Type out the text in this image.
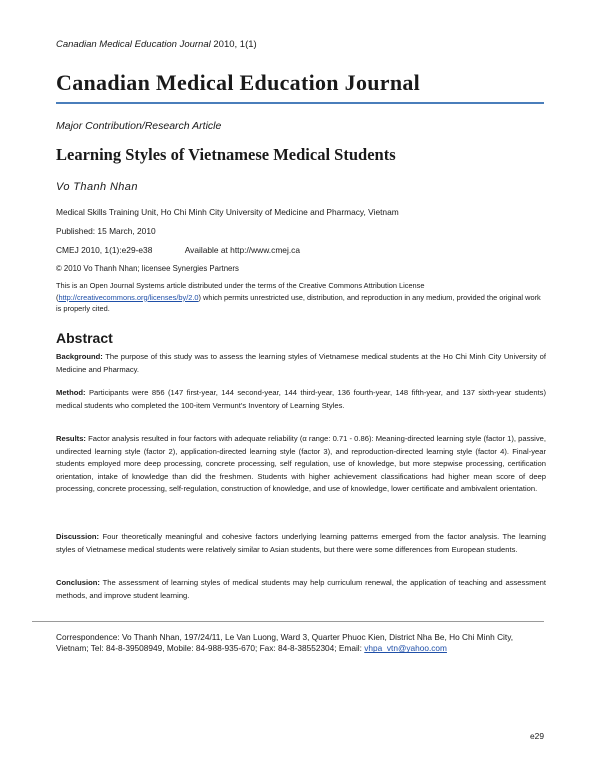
Canadian Medical Education Journal 2010, 1(1)
Canadian Medical Education Journal
Major Contribution/Research Article
Learning Styles of Vietnamese Medical Students
Vo Thanh Nhan
Medical Skills Training Unit, Ho Chi Minh City University of Medicine and Pharmacy, Vietnam
Published: 15 March, 2010
CMEJ 2010, 1(1):e29-e38	Available at http://www.cmej.ca
© 2010 Vo Thanh Nhan; licensee Synergies Partners
This is an Open Journal Systems article distributed under the terms of the Creative Commons Attribution License (http://creativecommons.org/licenses/by/2.0) which permits unrestricted use, distribution, and reproduction in any medium, provided the original work is properly cited.
Abstract
Background: The purpose of this study was to assess the learning styles of Vietnamese medical students at the Ho Chi Minh City University of Medicine and Pharmacy.
Method: Participants were 856 (147 first-year, 144 second-year, 144 third-year, 136 fourth-year, 148 fifth-year, and 137 sixth-year students) medical students who completed the 100-item Vermunt's Inventory of Learning Styles.
Results: Factor analysis resulted in four factors with adequate reliability (α range: 0.71 - 0.86): Meaning-directed learning style (factor 1), passive, undirected learning style (factor 2), application-directed learning style (factor 3), and reproduction-directed learning style (factor 4). Final-year students employed more deep processing, concrete processing, self regulation, use of knowledge, but more stepwise processing, certification orientation, intake of knowledge than did the freshmen. Students with higher achievement classifications had higher mean score of deep processing, concrete processing, self-regulation, construction of knowledge, and use of knowledge, lower certificate and ambivalent orientation.
Discussion: Four theoretically meaningful and cohesive factors underlying learning patterns emerged from the factor analysis. The learning styles of Vietnamese medical students were relatively similar to Asian students, but there were some differences from European students.
Conclusion: The assessment of learning styles of medical students may help curriculum renewal, the application of teaching and assessment methods, and improve student learning.
Correspondence: Vo Thanh Nhan, 197/24/11, Le Van Luong, Ward 3, Quarter Phuoc Kien, District Nha Be, Ho Chi Minh City, Vietnam; Tel: 84-8-39508949, Mobile: 84-988-935-670; Fax: 84-8-38552304; Email: vhpa_vtn@yahoo.com
e29
